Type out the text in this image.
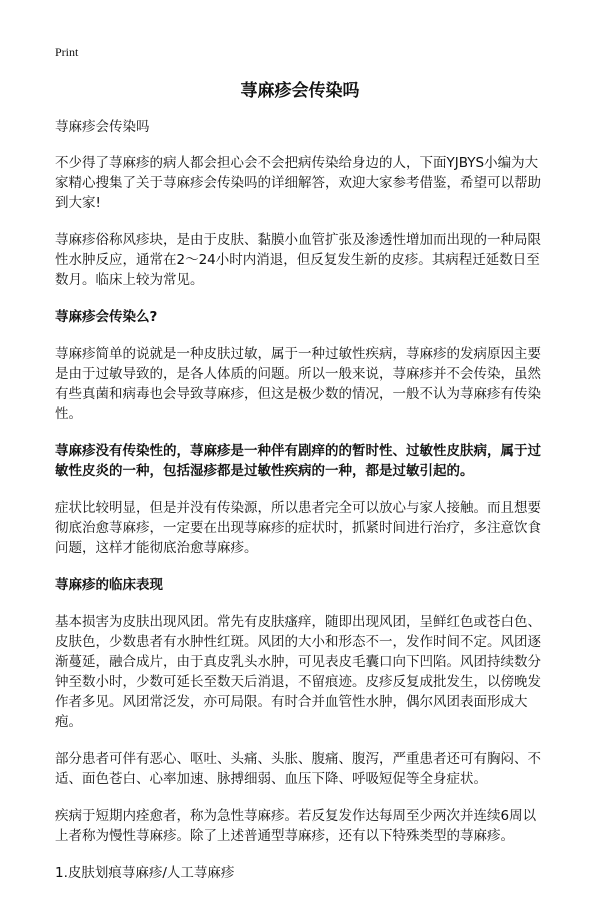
Print
荨麻疹会传染吗

荨麻疹会传染吗

不少得了荨麻疹的病人都会担心会不会把病传染给身边的人，下面YJBYS小编为大家精心搜集了关于荨麻疹会传染吗的详细解答，欢迎大家参考借鉴，希望可以帮助到大家!

荨麻疹俗称风疹块，是由于皮肤、黏膜小血管扩张及渗透性增加而出现的一种局限性水肿反应，通常在2～24小时内消退，但反复发生新的皮疹。其病程迁延数日至数月。临床上较为常见。

荨麻疹会传染么?

荨麻疹简单的说就是一种皮肤过敏，属于一种过敏性疾病，荨麻疹的发病原因主要是由于过敏导致的，是各人体质的问题。所以一般来说，荨麻疹并不会传染，虽然有些真菌和病毒也会导致荨麻疹，但这是极少数的情况，一般不认为荨麻疹有传染性。

荨麻疹没有传染性的，荨麻疹是一种伴有剧痒的的暂时性、过敏性皮肤病，属于过敏性皮炎的一种，包括湿疹都是过敏性疾病的一种，都是过敏引起的。

症状比较明显，但是并没有传染源，所以患者完全可以放心与家人接触。而且想要彻底治愈荨麻疹，一定要在出现荨麻疹的症状时，抓紧时间进行治疗，多注意饮食问题，这样才能彻底治愈荨麻疹。

荨麻疹的临床表现

基本损害为皮肤出现风团。常先有皮肤瘙痒，随即出现风团，呈鲜红色或苍白色、皮肤色，少数患者有水肿性红斑。风团的大小和形态不一，发作时间不定。风团逐渐蔓延，融合成片，由于真皮乳头水肿，可见表皮毛囊口向下凹陷。风团持续数分钟至数小时，少数可延长至数天后消退，不留痕迹。皮疹反复成批发生，以傍晚发作者多见。风团常泛发，亦可局限。有时合并血管性水肿，偶尔风团表面形成大疱。

部分患者可伴有恶心、呕吐、头痛、头胀、腹痛、腹泻，严重患者还可有胸闷、不适、面色苍白、心率加速、脉搏细弱、血压下降、呼吸短促等全身症状。

疾病于短期内痊愈者，称为急性荨麻疹。若反复发作达每周至少两次并连续6周以上者称为慢性荨麻疹。除了上述普通型荨麻疹，还有以下特殊类型的荨麻疹。

1.皮肤划痕荨麻疹/人工荨麻疹
